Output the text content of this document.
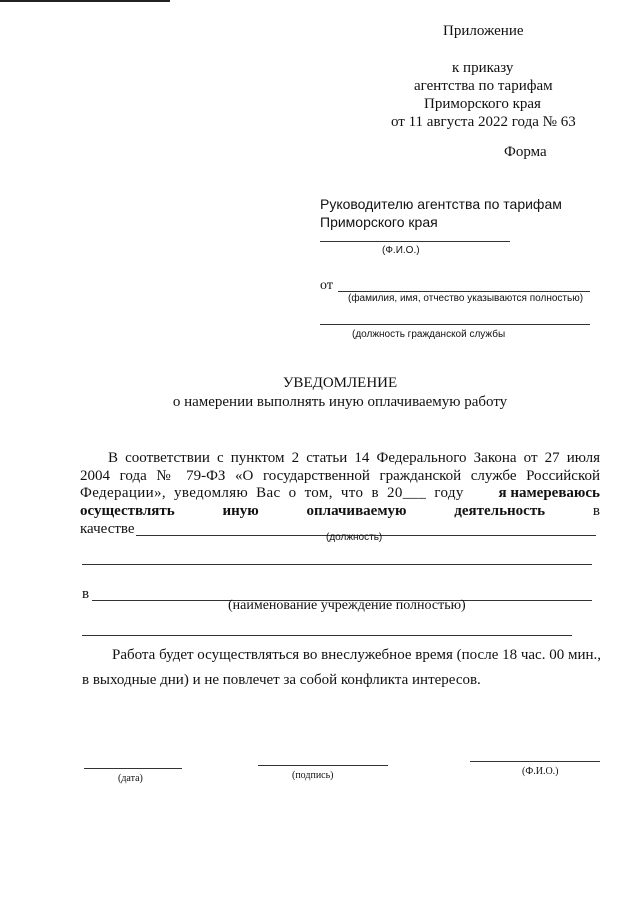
Приложение
к приказу
агентства по тарифам
Приморского края
от 11 августа 2022 года № 63
Форма
Руководителю агентства по тарифам
Приморского края
(Ф.И.О.)
от
(фамилия, имя, отчество указываются полностью)
(должность гражданской службы
УВЕДОМЛЕНИЕ
о намерении выполнять иную оплачиваемую работу
В соответствии с пунктом 2 статьи 14 Федерального Закона от 27 июля
2004 года № 79-ФЗ «О государственной гражданской службе Российской
Федерации», уведомляю Вас о том, что в 20___ году я намереваюсь
осуществлять	иную	оплачиваемую	деятельность	в
качестве
(должность)
в
(наименование учреждение полностью)
Работа будет осуществляться во внеслужебное время (после 18 час. 00 мин.,
в выходные дни) и не повлечет за собой конфликта интересов.
(дата)	(подпись)	(Ф.И.О.)
